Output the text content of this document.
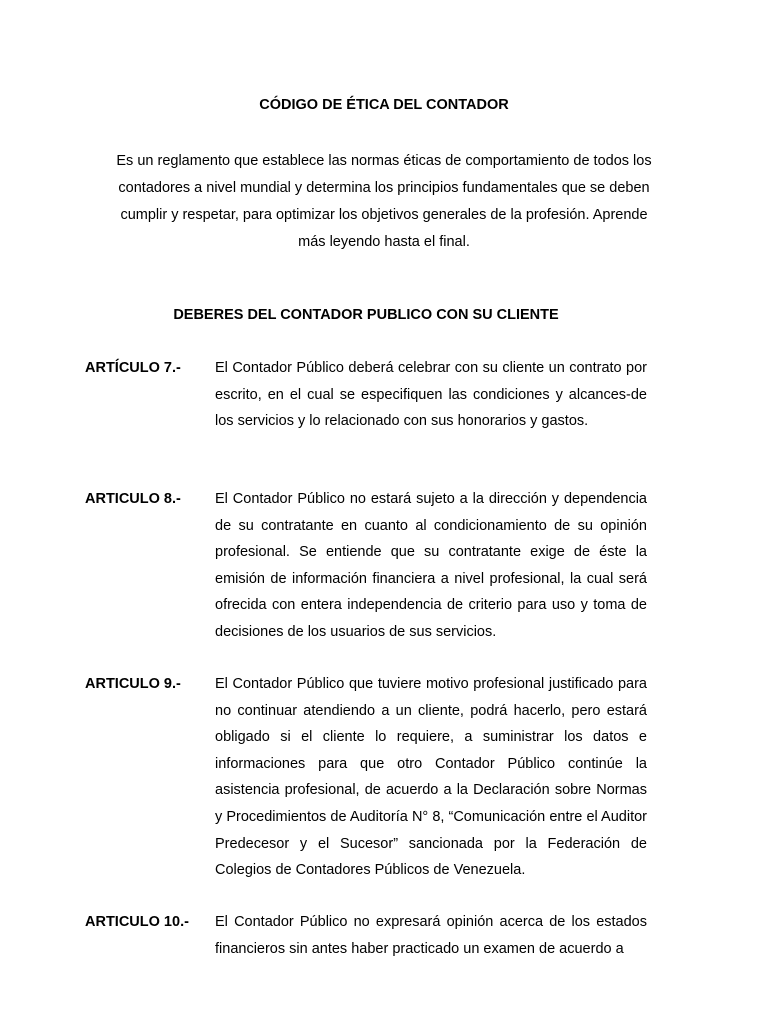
CÓDIGO DE ÉTICA DEL CONTADOR
Es un reglamento que establece las normas éticas de comportamiento de todos los contadores a nivel mundial y determina los principios fundamentales que se deben cumplir y respetar, para optimizar los objetivos generales de la profesión. Aprende más leyendo hasta el final.
DEBERES DEL CONTADOR PUBLICO CON SU CLIENTE
ARTÍCULO 7.- El Contador Público deberá celebrar con su cliente un contrato por escrito, en el cual se especifiquen las condiciones y alcances-de los servicios y lo relacionado con sus honorarios y gastos.
ARTICULO 8.- El Contador Público no estará sujeto a la dirección y dependencia de su contratante en cuanto al condicionamiento de su opinión profesional. Se entiende que su contratante exige de éste la emisión de información financiera a nivel profesional, la cual será ofrecida con entera independencia de criterio para uso y toma de decisiones de los usuarios de sus servicios.
ARTICULO 9.- El Contador Público que tuviere motivo profesional justificado para no continuar atendiendo a un cliente, podrá hacerlo, pero estará obligado si el cliente lo requiere, a suministrar los datos e informaciones para que otro Contador Público continúe la asistencia profesional, de acuerdo a la Declaración sobre Normas y Procedimientos de Auditoría N° 8, “Comunicación entre el Auditor Predecesor y el Sucesor” sancionada por la Federación de Colegios de Contadores Públicos de Venezuela.
ARTICULO 10.- El Contador Público no expresará opinión acerca de los estados financieros sin antes haber practicado un examen de acuerdo a
